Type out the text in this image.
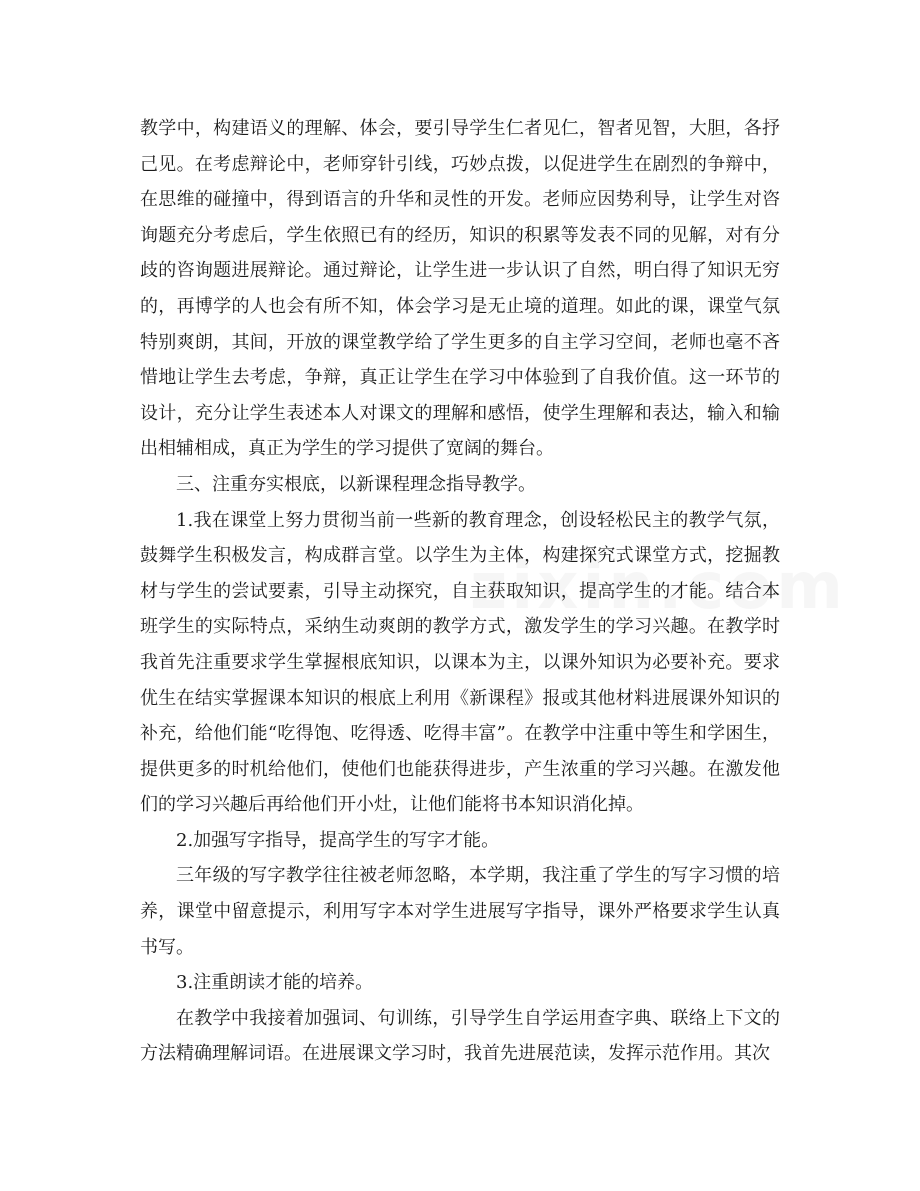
教学中，构建语义的理解、体会，要引导学生仁者见仁，智者见智，大胆，各抒己见。在考虑辩论中，老师穿针引线，巧妙点拨，以促进学生在剧烈的争辩中，在思维的碰撞中，得到语言的升华和灵性的开发。老师应因势利导，让学生对咨询题充分考虑后，学生依照已有的经历，知识的积累等发表不同的见解，对有分歧的咨询题进展辩论。通过辩论，让学生进一步认识了自然，明白得了知识无穷的，再博学的人也会有所不知，体会学习是无止境的道理。如此的课，课堂气氛特别爽朗，其间，开放的课堂教学给了学生更多的自主学习空间，老师也毫不吝惜地让学生去考虑，争辩，真正让学生在学习中体验到了自我价值。这一环节的设计，充分让学生表述本人对课文的理解和感悟，使学生理解和表达，输入和输出相辅相成，真正为学生的学习提供了宽阔的舞台。

三、注重夯实根底，以新课程理念指导教学。

1.我在课堂上努力贯彻当前一些新的教育理念，创设轻松民主的教学气氛，鼓舞学生积极发言，构成群言堂。以学生为主体，构建探究式课堂方式，挖掘教材与学生的尝试要素，引导主动探究，自主获取知识，提高学生的才能。结合本班学生的实际特点，采纳生动爽朗的教学方式，激发学生的学习兴趣。在教学时我首先注重要求学生掌握根底知识，以课本为主，以课外知识为必要补充。要求优生在结实掌握课本知识的根底上利用《新课程》报或其他材料进展课外知识的补充，给他们能“吃得饱、吃得透、吃得丰富”。在教学中注重中等生和学困生，提供更多的时机给他们，使他们也能获得进步，产生浓重的学习兴趣。在激发他们的学习兴趣后再给他们开小灶，让他们能将书本知识消化掉。

2.加强写字指导，提高学生的写字才能。

三年级的写字教学往往被老师忽略，本学期，我注重了学生的写字习惯的培养，课堂中留意提示，利用写字本对学生进展写字指导，课外严格要求学生认真书写。

3.注重朗读才能的培养。

在教学中我接着加强词、句训练，引导学生自学运用查字典、联络上下文的方法精确理解词语。在进展课文学习时，我首先进展范读，发挥示范作用。其次
